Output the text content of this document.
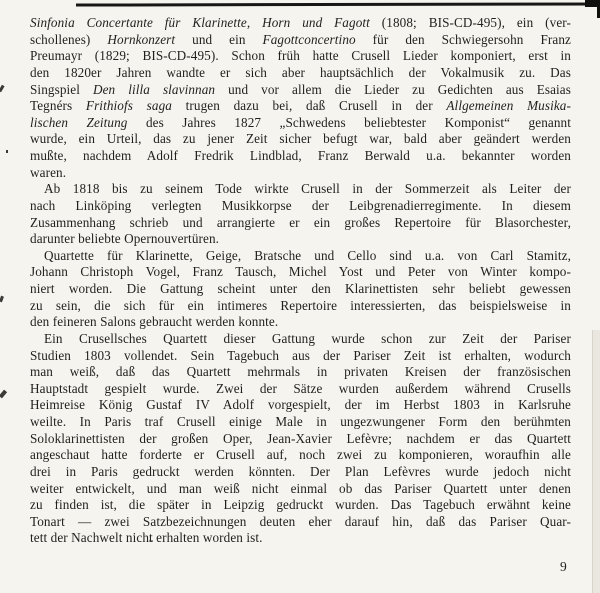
Sinfonia Concertante für Klarinette, Horn und Fagott (1808; BIS-CD-495), ein (ver-
schollenes) Hornkonzert und ein Fagottconcertino für den Schwiegersohn Franz
Preumayr (1829; BIS-CD-495). Schon früh hatte Crusell Lieder komponiert, erst in
den 1820er Jahren wandte er sich aber hauptsächlich der Vokalmusik zu. Das
Singspiel Den lilla slavinnan und vor allem die Lieder zu Gedichten aus Esaias
Tegnérs Frithiofs saga trugen dazu bei, daß Crusell in der Allgemeinen Musika-
lischen Zeitung des Jahres 1827 „Schwedens beliebtester Komponist“ genannt
wurde, ein Urteil, das zu jener Zeit sicher befugt war, bald aber geändert werden
mußte, nachdem Adolf Fredrik Lindblad, Franz Berwald u.a. bekannter worden
waren.
Ab 1818 bis zu seinem Tode wirkte Crusell in der Sommerzeit als Leiter der
nach Linköping verlegten Musikkorpse der Leibgrenadierregimente. In diesem
Zusammenhang schrieb und arrangierte er ein großes Repertoire für Blasorchester,
darunter beliebte Opernouvertüren.
Quartette für Klarinette, Geige, Bratsche und Cello sind u.a. von Carl Stamitz,
Johann Christoph Vogel, Franz Tausch, Michel Yost und Peter von Winter kompo-
niert worden. Die Gattung scheint unter den Klarinettisten sehr beliebt gewessen
zu sein, die sich für ein intimeres Repertoire interessierten, das beispielsweise in
den feineren Salons gebraucht werden konnte.
Ein Crusellsches Quartett dieser Gattung wurde schon zur Zeit der Pariser
Studien 1803 vollendet. Sein Tagebuch aus der Pariser Zeit ist erhalten, wodurch
man weiß, daß das Quartett mehrmals in privaten Kreisen der französischen
Hauptstadt gespielt wurde. Zwei der Sätze wurden außerdem während Crusells
Heimreise König Gustaf IV Adolf vorgespielt, der im Herbst 1803 in Karlsruhe
weilte. In Paris traf Crusell einige Male in ungezwungener Form den berühmten
Soloklarinettisten der großen Oper, Jean-Xavier Lefèvre; nachdem er das Quartett
angeschaut hatte forderte er Crusell auf, noch zwei zu komponieren, woraufhin alle
drei in Paris gedruckt werden könnten. Der Plan Lefèvres wurde jedoch nicht
weiter entwickelt, und man weiß nicht einmal ob das Pariser Quartett unter denen
zu finden ist, die später in Leipzig gedruckt wurden. Das Tagebuch erwähnt keine
Tonart — zwei Satzbezeichnungen deuten eher darauf hin, daß das Pariser Quar-
tett der Nachwelt nicht erhalten worden ist.
9
